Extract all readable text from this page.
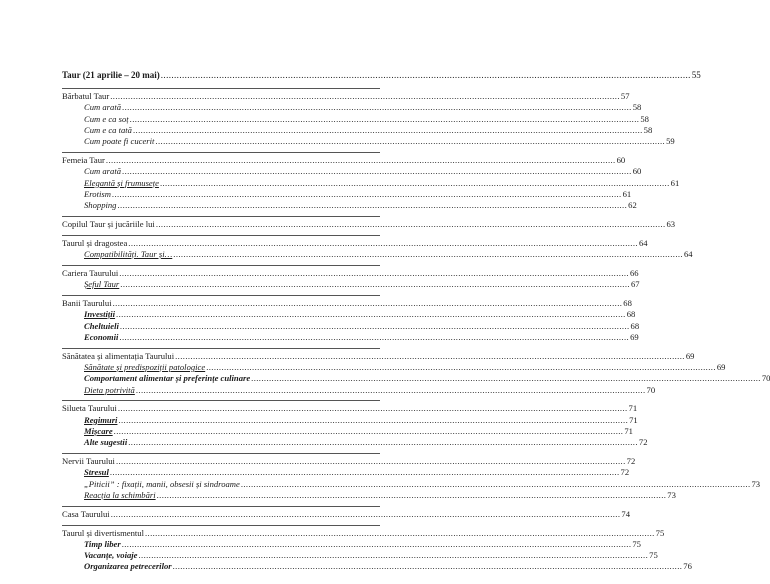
Taur (21 aprilie – 20 mai) ........................................................................................................................................................................................................ 55
Bărbatul Taur ........................................................................................................................................................................................................ 57
Cum arată ........................................................................................................................................................................................................ 58
Cum e ca soț ........................................................................................................................................................................................................ 58
Cum e ca tată ........................................................................................................................................................................................................ 58
Cum poate fi cucerit ........................................................................................................................................................................................................ 59
Femeia Taur ........................................................................................................................................................................................................ 60
Cum arată ........................................................................................................................................................................................................ 60
Elegantă și frumusețe ........................................................................................................................................................................................................ 61
Erotism ........................................................................................................................................................................................................ 61
Shopping ........................................................................................................................................................................................................ 62
Copilul Taur și jucăriile lui ........................................................................................................................................................................................................ 63
Taurul și dragostea ........................................................................................................................................................................................................ 64
Compatibilități. Taur și… ........................................................................................................................................................................................................ 64
Cariera Taurului ........................................................................................................................................................................................................ 66
Șeful Taur ........................................................................................................................................................................................................ 67
Banii Taurului ........................................................................................................................................................................................................ 68
Investiții ........................................................................................................................................................................................................ 68
Cheltuieli ........................................................................................................................................................................................................ 68
Economii ........................................................................................................................................................................................................ 69
Sănătatea și alimentația Taurului ........................................................................................................................................................................................................ 69
Sănătate și predispoziții patologice ........................................................................................................................................................................................................ 69
Comportament alimentar și preferințe culinare ........................................................................................................................................................................................................ 70
Dieta potrivită ........................................................................................................................................................................................................ 70
Silueta Taurului ........................................................................................................................................................................................................ 71
Regimuri ........................................................................................................................................................................................................ 71
Mișcare ........................................................................................................................................................................................................ 71
Alte sugestii ........................................................................................................................................................................................................ 72
Nervii Taurului ........................................................................................................................................................................................................ 72
Stresul ........................................................................................................................................................................................................ 72
„Piticii” : fixații, manii, obsesii și sindroame ........................................................................................................................................................................................................ 73
Reacția la schimbări ........................................................................................................................................................................................................ 73
Casa Taurului ........................................................................................................................................................................................................ 74
Taurul și divertismentul ........................................................................................................................................................................................................ 75
Timp liber ........................................................................................................................................................................................................ 75
Vacanțe, voiaje ........................................................................................................................................................................................................ 75
Organizarea petrecerilor ........................................................................................................................................................................................................ 76
